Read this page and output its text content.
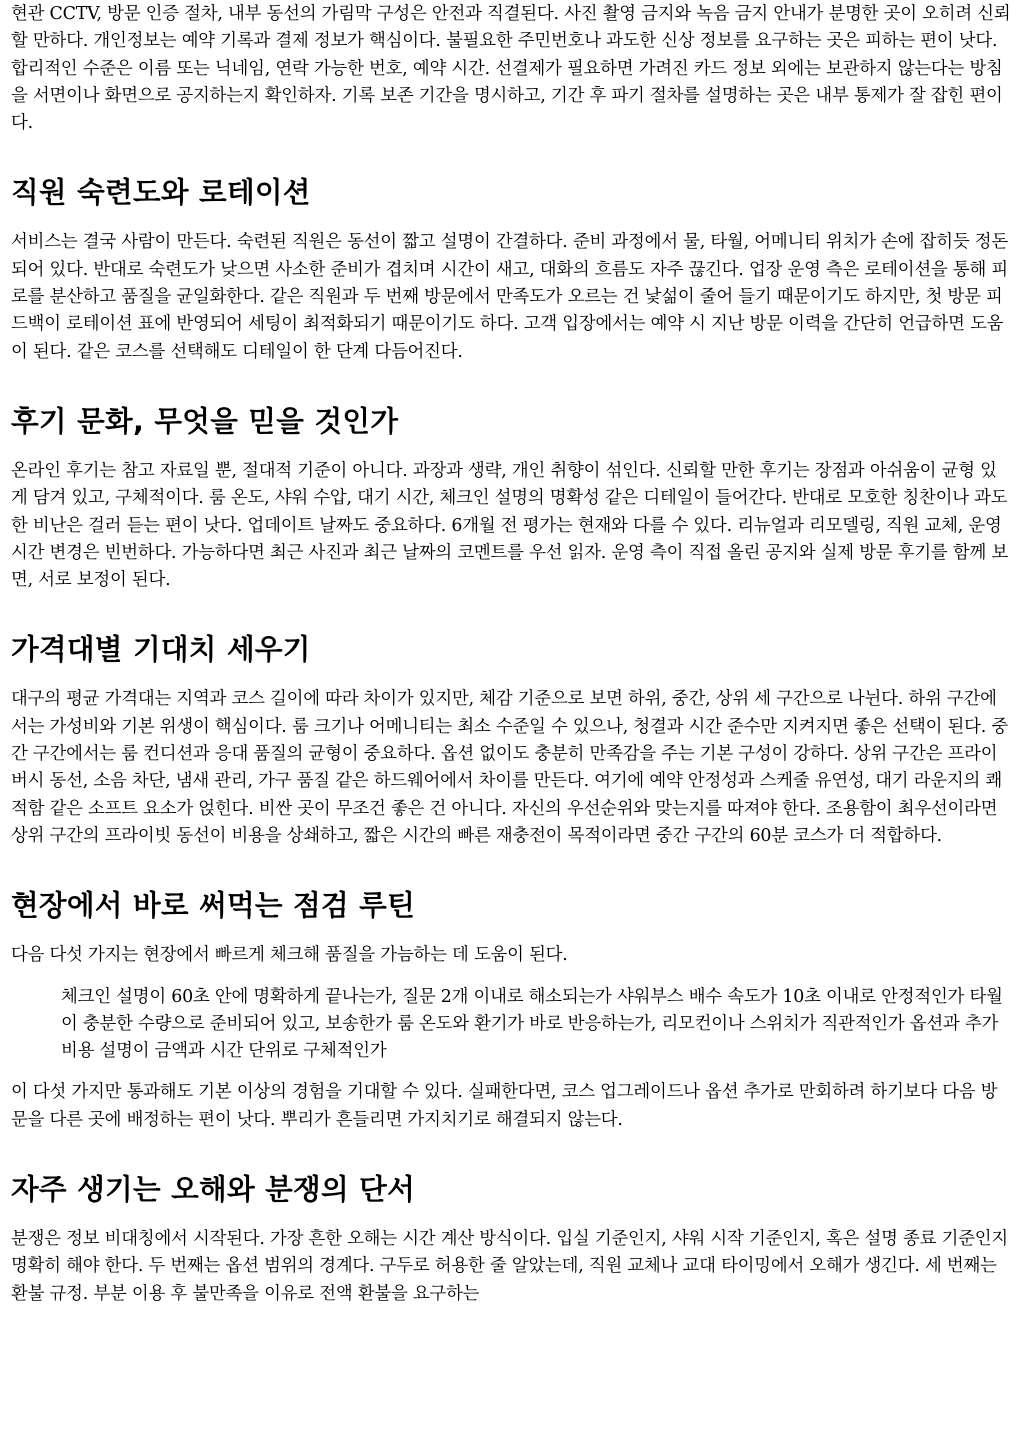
현관 CCTV, 방문 인증 절차, 내부 동선의 가림막 구성은 안전과 직결된다. 사진 촬영 금지와 녹음 금지 안내가 분명한 곳이 오히려 신뢰할 만하다. 개인정보는 예약 기록과 결제 정보가 핵심이다. 불필요한 주민번호나 과도한 신상 정보를 요구하는 곳은 피하는 편이 낫다. 합리적인 수준은 이름 또는 닉네임, 연락 가능한 번호, 예약 시간. 선결제가 필요하면 가려진 카드 정보 외에는 보관하지 않는다는 방침을 서면이나 화면으로 공지하는지 확인하자. 기록 보존 기간을 명시하고, 기간 후 파기 절차를 설명하는 곳은 내부 통제가 잘 잡힌 편이다.

직원 숙련도와 로테이션

서비스는 결국 사람이 만든다. 숙련된 직원은 동선이 짧고 설명이 간결하다. 준비 과정에서 물, 타월, 어메니티 위치가 손에 잡히듯 정돈되어 있다. 반대로 숙련도가 낮으면 사소한 준비가 겹치며 시간이 새고, 대화의 흐름도 자주 끊긴다. 업장 운영 측은 로테이션을 통해 피로를 분산하고 품질을 균일화한다. 같은 직원과 두 번째 방문에서 만족도가 오르는 건 낯섦이 줄어 들기 때문이기도 하지만, 첫 방문 피드백이 로테이션 표에 반영되어 세팅이 최적화되기 때문이기도 하다. 고객 입장에서는 예약 시 지난 방문 이력을 간단히 언급하면 도움이 된다. 같은 코스를 선택해도 디테일이 한 단계 다듬어진다.

후기 문화, 무엇을 믿을 것인가

온라인 후기는 참고 자료일 뿐, 절대적 기준이 아니다. 과장과 생략, 개인 취향이 섞인다. 신뢰할 만한 후기는 장점과 아쉬움이 균형 있게 담겨 있고, 구체적이다. 룸 온도, 샤워 수압, 대기 시간, 체크인 설명의 명확성 같은 디테일이 들어간다. 반대로 모호한 칭찬이나 과도한 비난은 걸러 듣는 편이 낫다. 업데이트 날짜도 중요하다. 6개월 전 평가는 현재와 다를 수 있다. 리뉴얼과 리모델링, 직원 교체, 운영 시간 변경은 빈번하다. 가능하다면 최근 사진과 최근 날짜의 코멘트를 우선 읽자. 운영 측이 직접 올린 공지와 실제 방문 후기를 함께 보면, 서로 보정이 된다.

가격대별 기대치 세우기

대구의 평균 가격대는 지역과 코스 길이에 따라 차이가 있지만, 체감 기준으로 보면 하위, 중간, 상위 세 구간으로 나뉜다. 하위 구간에서는 가성비와 기본 위생이 핵심이다. 룸 크기나 어메니티는 최소 수준일 수 있으나, 청결과 시간 준수만 지켜지면 좋은 선택이 된다. 중간 구간에서는 룸 컨디션과 응대 품질의 균형이 중요하다. 옵션 없이도 충분히 만족감을 주는 기본 구성이 강하다. 상위 구간은 프라이버시 동선, 소음 차단, 냄새 관리, 가구 품질 같은 하드웨어에서 차이를 만든다. 여기에 예약 안정성과 스케줄 유연성, 대기 라운지의 쾌적함 같은 소프트 요소가 얹힌다. 비싼 곳이 무조건 좋은 건 아니다. 자신의 우선순위와 맞는지를 따져야 한다. 조용함이 최우선이라면 상위 구간의 프라이빗 동선이 비용을 상쇄하고, 짧은 시간의 빠른 재충전이 목적이라면 중간 구간의 60분 코스가 더 적합하다.

현장에서 바로 써먹는 점검 루틴

다음 다섯 가지는 현장에서 빠르게 체크해 품질을 가늠하는 데 도움이 된다.

체크인 설명이 60초 안에 명확하게 끝나는가, 질문 2개 이내로 해소되는가 샤워부스 배수 속도가 10초 이내로 안정적인가 타월이 충분한 수량으로 준비되어 있고, 보송한가 룸 온도와 환기가 바로 반응하는가, 리모컨이나 스위치가 직관적인가 옵션과 추가 비용 설명이 금액과 시간 단위로 구체적인가

이 다섯 가지만 통과해도 기본 이상의 경험을 기대할 수 있다. 실패한다면, 코스 업그레이드나 옵션 추가로 만회하려 하기보다 다음 방문을 다른 곳에 배정하는 편이 낫다. 뿌리가 흔들리면 가지치기로 해결되지 않는다.

자주 생기는 오해와 분쟁의 단서

분쟁은 정보 비대칭에서 시작된다. 가장 흔한 오해는 시간 계산 방식이다. 입실 기준인지, 샤워 시작 기준인지, 혹은 설명 종료 기준인지 명확히 해야 한다. 두 번째는 옵션 범위의 경계다. 구두로 허용한 줄 알았는데, 직원 교체나 교대 타이밍에서 오해가 생긴다. 세 번째는 환불 규정. 부분 이용 후 불만족을 이유로 전액 환불을 요구하는
